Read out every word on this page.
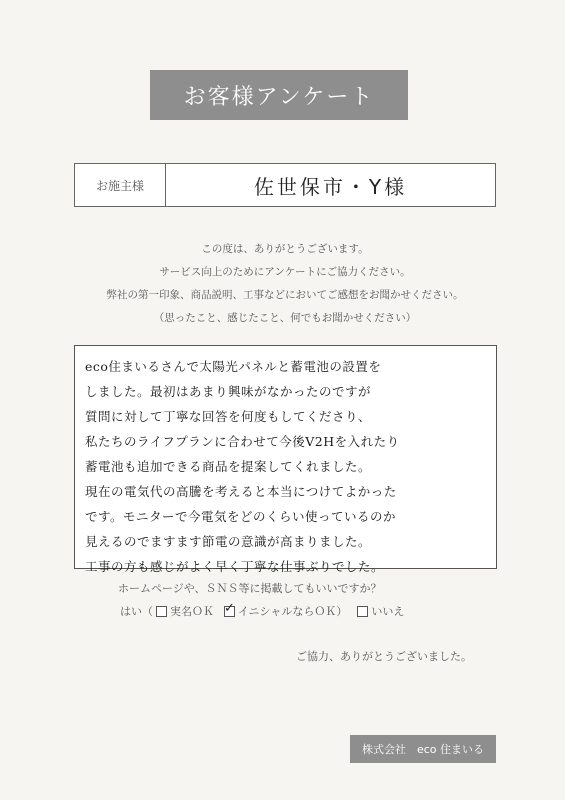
お客様アンケート
お施主様	佐世保市・Y様
この度は、ありがとうございます。
サービス向上のためにアンケートにご協力ください。
弊社の第一印象、商品説明、工事などにおいてご感想をお聞かせください。
（思ったこと、感じたこと、何でもお聞かせください）
eco住まいるさんで太陽光パネルと蓄電池の設置を
しました。最初はあまり興味がなかったのですが
質問に対して丁寧な回答を何度もしてくださり、
私たちのライフプランに合わせて今後V2Hを入れたり
蓄電池も追加できる商品を提案してくれました。
現在の電気代の高騰を考えると本当につけてよかった
です。モニターで今電気をどのくらい使っているのか
見えるのでますます節電の意識が高まりました。
工事の方も感じがよく早く丁寧な仕事ぶりでした。
ホームページや、ＳＮＳ等に掲載してもいいですか？
はい（ 実名ＯＫ
✓ イニシャルならＯＫ） いいえ
ご協力、ありがとうございました。
株式会社　eco 住まいる
